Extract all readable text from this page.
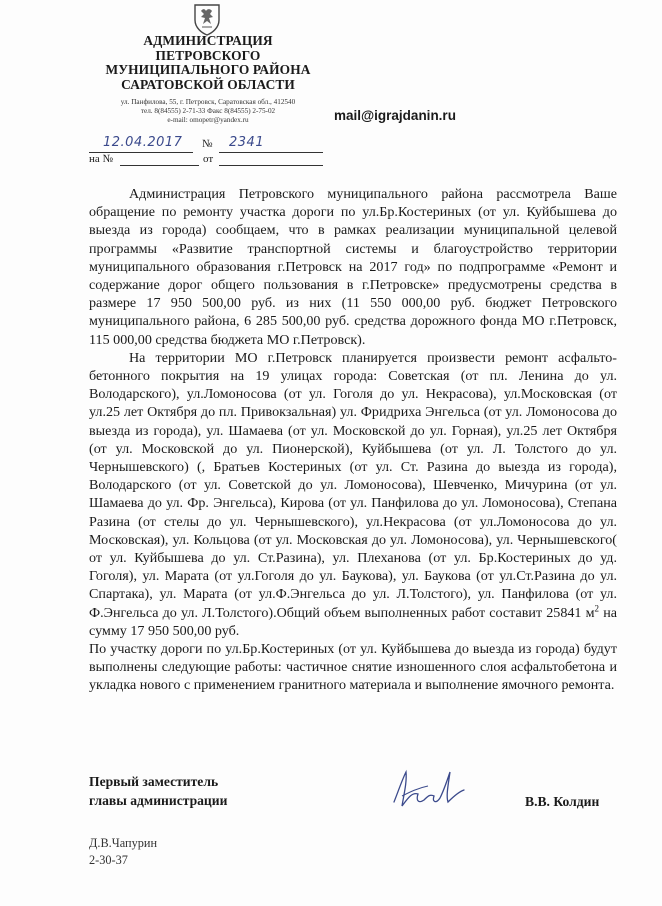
АДМИНИСТРАЦИЯ
ПЕТРОВСКОГО
МУНИЦИПАЛЬНОГО РАЙОНА
САРАТОВСКОЙ ОБЛАСТИ
ул. Панфилова, 55, г. Петровск, Саратовская обл., 412540
тел. 8(84555) 2-71-33 Факс 8(84555) 2-75-02
e-mail: omopetr@yandex.ru	mail@igrajdanin.ru
12.04.2017 № 2341
на №	от

Администрация Петровского муниципального района рассмотрела Ваше обращение по ремонту участка дороги по ул.Бр.Костериных (от ул. Куйбышева до выезда из города) сообщаем, что в рамках реализации муниципальной целевой программы «Развитие транспортной системы и благоустройство территории муниципального образования г.Петровск на 2017 год» по подпрограмме «Ремонт и содержание дорог общего пользования в г.Петровске» предусмотрены средства в размере 17 950 500,00 руб. из них (11 550 000,00 руб. бюджет Петровского муниципального района, 6 285 500,00 руб. средства дорожного фонда МО г.Петровск, 115 000,00 средства бюджета МО г.Петровск).

На территории МО г.Петровск планируется произвести ремонт асфальто-бетонного покрытия на 19 улицах города: Советская (от пл. Ленина до ул. Володарского), ул.Ломоносова (от ул. Гоголя до ул. Некрасова), ул.Московская (от ул.25 лет Октября до пл. Привокзальная) ул. Фридриха Энгельса (от ул. Ломоносова до выезда из города), ул. Шамаева (от ул. Московской до ул. Горная), ул.25 лет Октября (от ул. Московской до ул. Пионерской), Куйбышева (от ул. Л. Толстого до ул. Чернышевского) (, Братьев Костериных (от ул. Ст. Разина до выезда из города), Володарского (от ул. Советской до ул. Ломоносова), Шевченко, Мичурина (от ул. Шамаева до ул. Фр. Энгельса), Кирова (от ул. Панфилова до ул. Ломоносова), Степана Разина (от стелы до ул. Чернышевского), ул.Некрасова (от ул.Ломоносова до ул. Московская), ул. Кольцова (от ул. Московская до ул. Ломоносова), ул. Чернышевского( от ул. Куйбышева до ул. Ст.Разина), ул. Плеханова (от ул. Бр.Костериных до уд. Гоголя), ул. Марата (от ул.Гоголя до ул. Баукова), ул. Баукова (от ул.Ст.Разина до ул. Спартака), ул. Марата (от ул.Ф.Энгельса до ул. Л.Толстого), ул. Панфилова (от ул. Ф.Энгельса до ул. Л.Толстого).Общий объем выполненных работ составит 25841 $м^2$ на сумму 17 950 500,00 руб.

По участку дороги по ул.Бр.Костериных (от ул. Куйбышева до выезда из города) будут выполнены следующие работы: частичное снятие изношенного слоя асфальтобетона и укладка нового с применением гранитного материала и выполнение ямочного ремонта.

Первый заместитель
главы администрации	В.В. Колдин
Д.В.Чапурин
2-30-37
